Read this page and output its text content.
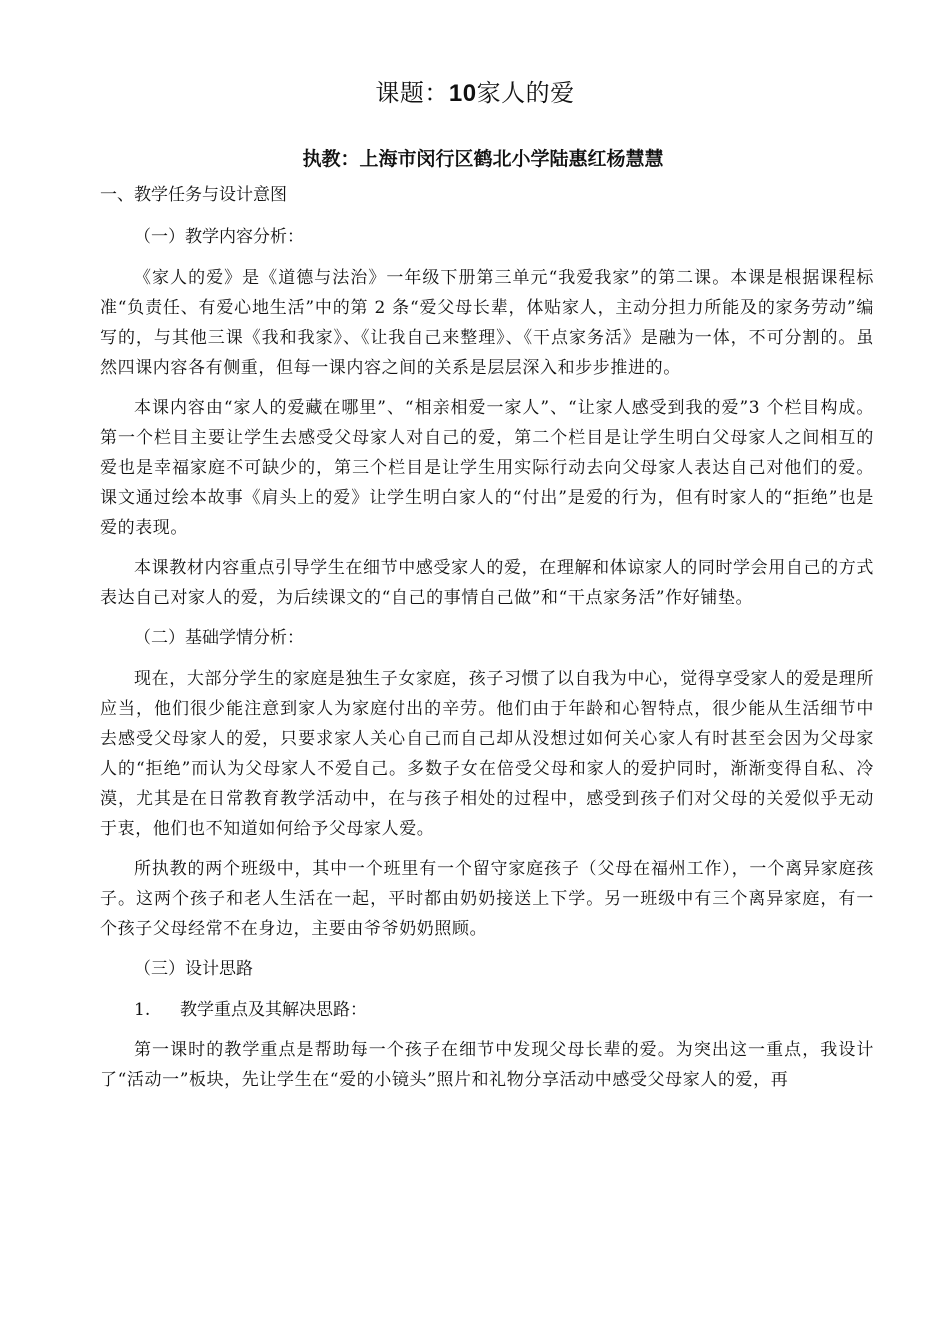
课题：10家人的爱
执教：上海市闵行区鹤北小学陆惠红杨慧慧
一、教学任务与设计意图
（一）教学内容分析：

《家人的爱》是《道德与法治》一年级下册第三单元“我爱我家”的第二课。本课是根据课程标准“负责任、有爱心地生活”中的第 2 条“爱父母长辈，体贴家人，主动分担力所能及的家务劳动”编写的，与其他三课《我和我家》、《让我自己来整理》、《干点家务活》是融为一体，不可分割的。虽然四课内容各有侧重，但每一课内容之间的关系是层层深入和步步推进的。

本课内容由“家人的爱藏在哪里”、“相亲相爱一家人”、“让家人感受到我的爱”3 个栏目构成。第一个栏目主要让学生去感受父母家人对自己的爱，第二个栏目是让学生明白父母家人之间相互的爱也是幸福家庭不可缺少的，第三个栏目是让学生用实际行动去向父母家人表达自己对他们的爱。课文通过绘本故事《肩头上的爱》让学生明白家人的“付出”是爱的行为，但有时家人的“拒绝”也是爱的表现。

本课教材内容重点引导学生在细节中感受家人的爱，在理解和体谅家人的同时学会用自己的方式表达自己对家人的爱，为后续课文的“自己的事情自己做”和“干点家务活”作好铺垫。

（二）基础学情分析：

现在，大部分学生的家庭是独生子女家庭，孩子习惯了以自我为中心，觉得享受家人的爱是理所应当，他们很少能注意到家人为家庭付出的辛劳。他们由于年龄和心智特点，很少能从生活细节中去感受父母家人的爱，只要求家人关心自己而自己却从没想过如何关心家人有时甚至会因为父母家人的“拒绝”而认为父母家人不爱自己。多数子女在倍受父母和家人的爱护同时，渐渐变得自私、冷漠，尤其是在日常教育教学活动中，在与孩子相处的过程中，感受到孩子们对父母的关爱似乎无动于衷，他们也不知道如何给予父母家人爱。

所执教的两个班级中，其中一个班里有一个留守家庭孩子（父母在福州工作），一个离异家庭孩子。这两个孩子和老人生活在一起，平时都由奶奶接送上下学。另一班级中有三个离异家庭，有一个孩子父母经常不在身边，主要由爷爷奶奶照顾。

（三）设计思路
1. 教学重点及其解决思路：

第一课时的教学重点是帮助每一个孩子在细节中发现父母长辈的爱。为突出这一重点，我设计了“活动一”板块，先让学生在“爱的小镜头”照片和礼物分享活动中感受父母家人的爱，再
